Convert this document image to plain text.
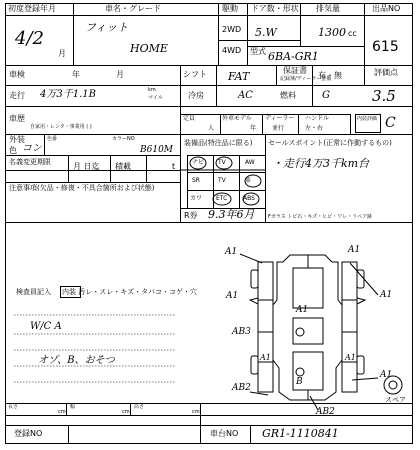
初度登録年月	車名・グレード	駆動 ドア数・形状 排気量	出品NO
4/2
月
フィット
HOME
2WD
4WD
5.W	1300 cc
型式 6BA-GR1
615
車検	年	月	シフト FAT	保証書
記録簿/ディーラー整備
有・無	評価点
3.5
走行 4万3千1.1B	km
マイル	冷房	AC	燃料	G
車歴
自家用・レンタ・事業用 ( )
定員
人
外車モデル
年
ディーラー
並行
ハンドル
左・右
内装評価 C
外装
色
色番	カラーNO
コン	B610M
名義変更期限	月 日迄 積載	t
注意事項(欠品・修復・不具合箇所および状態)
装備品(特注品に限る)
ナビ TV	AW
SR	TV	革
カワ ETC	ABS
R券 9.3年6月
セールスポイント(正常に作動するもの)
・走行4万3千km台
Fガラス トビ石・キズ・ヒビ・ワレ・リペア跡
検査員記入 内装 汚レ・スレ・キズ・タバコ・コゲ・穴
W/C A
オゾ、B、おそつ
A1	A1
A1
A1
AB3
A1
B
AB2
AB2
A1
A1	A1
スペア
長さ
cm
幅
cm
高さ
cm
登録NO	車台NO GR1-1110841
